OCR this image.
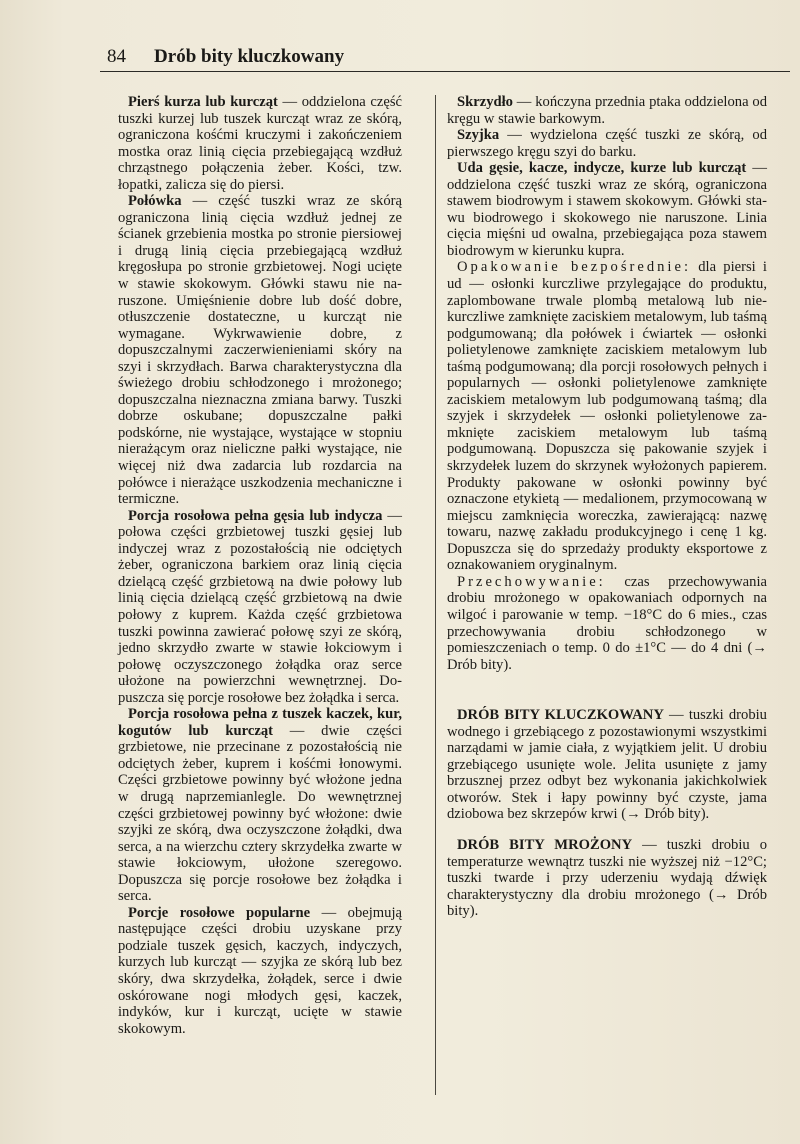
84 Drób bity kluczkowany

Pierś kurza lub kurcząt — oddzielona część tuszki kurzej lub tuszek kurcząt wraz ze skórą, ograniczona kośćmi kruczymi i zakończeniem mostka oraz linią cięcia przebiegającą wzdłuż chrząstnego połączenia żeber. Kości, tzw. łopatki, zalicza się do piersi.

Połówka — część tuszki wraz ze skórą ograniczona linią cięcia wzdłuż jednej ze ścianek grzebienia mostka po stronie piersiowej i drugą linią cięcia przebiegającą wzdłuż kręgosłupa po stronie grzbietowej. Nogi ucięte w stawie skokowym. Główki stawu nie naruszone. Umięśnienie dobre lub dość dobre, otłuszczenie dostateczne, u kurcząt nie wymagane. Wykrwawienie dobre, z dopuszczalnymi zaczerwienieniami skóry na szyi i skrzydłach. Barwa charakterystyczna dla świeżego drobiu schłodzonego i mrożonego; dopuszczalna nieznaczna zmiana barwy. Tuszki dobrze oskubane; dopuszczalne pałki podskórne, nie wystające, wystające w stopniu nierażącym oraz nieliczne pałki wystające, nie więcej niż dwa zadarcia lub rozdarcia na połówce i nierażące uszkodzenia mechaniczne i termiczne.

Porcja rosołowa pełna gęsia lub indycza — połowa części grzbietowej tuszki gęsiej lub indyczej wraz z pozostałością nie odciętych żeber, ograniczona barkiem oraz linią cięcia dzielącą część grzbietową na dwie połowy lub linią cięcia dzielącą część grzbietową na dwie połowy z kuprem. Każda część grzbietowa tuszki powinna zawierać połowę szyi ze skórą, jedno skrzydło zwarte w stawie łokciowym i połowę oczyszczonego żołądka oraz serce ułożone na powierzchni wewnętrznej. Dopuszcza się porcje rosołowe bez żołądka i serca.

Porcja rosołowa pełna z tuszek kaczek, kur, kogutów lub kurcząt — dwie części grzbietowe, nie przecinane z pozostałością nie odciętych żeber, kuprem i kośćmi łonowymi. Części grzbietowe powinny być włożone jedna w drugą naprzemianlegle. Do wewnętrznej części grzbietowej powinny być włożone: dwie szyjki ze skórą, dwa oczyszczone żołądki, dwa serca, a na wierzchu cztery skrzydełka zwarte w stawie łokciowym, ułożone szeregowo. Dopuszcza się porcje rosołowe bez żołądka i serca.

Porcje rosołowe popularne — obejmują następujące części drobiu uzyskane przy podziale tuszek gęsich, kaczych, indyczych, kurzych lub kurcząt — szyjka ze skórą lub bez skóry, dwa skrzydełka, żołądek, serce i dwie oskórowane nogi młodych gęsi, kaczek, indyków, kur i kurcząt, ucięte w stawie skokowym.

Skrzydło — kończyna przednia ptaka oddzielona od kręgu w stawie barkowym.

Szyjka — wydzielona część tuszki ze skórą, od pierwszego kręgu szyi do barku.

Uda gęsie, kacze, indycze, kurze lub kurcząt — oddzielona część tuszki wraz ze skórą, ograniczona stawem biodrowym i stawem skokowym. Główki stawu biodrowego i skokowego nie naruszone. Linia cięcia mięśni ud owalna, przebiegająca poza stawem biodrowym w kierunku kupra.

Opakowanie bezpośrednie: dla piersi i ud — osłonki kurczliwe przylegające do produktu, zaplombowane trwale plombą metalową lub niekurczliwe zamknięte zaciskiem metalowym, lub taśmą podgumowaną; dla połówek i ćwiartek — osłonki polietylenowe zamknięte zaciskiem metalowym lub taśmą podgumowaną; dla porcji rosołowych pełnych i popularnych — osłonki polietylenowe zamknięte zaciskiem metalowym lub podgumowaną taśmą; dla szyjek i skrzydełek — osłonki polietylenowe zamknięte zaciskiem metalowym lub taśmą podgumowaną. Dopuszcza się pakowanie szyjek i skrzydełek luzem do skrzynek wyłożonych papierem. Produkty pakowane w osłonki powinny być oznaczone etykietą — medalionem, przymocowaną w miejscu zamknięcia woreczka, zawierającą: nazwę towaru, nazwę zakładu produkcyjnego i cenę 1 kg. Dopuszcza się do sprzedaży produkty eksportowe z oznakowaniem oryginalnym.

Przechowywanie: czas przechowywania drobiu mrożonego w opakowaniach odpornych na wilgoć i parowanie w temp. −18°C do 6 mies., czas przechowywania drobiu schłodzonego w pomieszczeniach o temp. 0 do ±1°C — do 4 dni (→ Drób bity).

DRÓB BITY KLUCZKOWANY — tuszki drobiu wodnego i grzebiącego z pozostawionymi wszystkimi narządami w jamie ciała, z wyjątkiem jelit. U drobiu grzebiącego usunięte wole. Jelita usunięte z jamy brzusznej przez odbyt bez wykonania jakichkolwiek otworów. Stek i łapy powinny być czyste, jama dziobowa bez skrzepów krwi (→ Drób bity).

DRÓB BITY MROŻONY — tuszki drobiu o temperaturze wewnątrz tuszki nie wyższej niż −12°C; tuszki twarde i przy uderzeniu wydają dźwięk charakterystyczny dla drobiu mrożonego (→ Drób bity).
